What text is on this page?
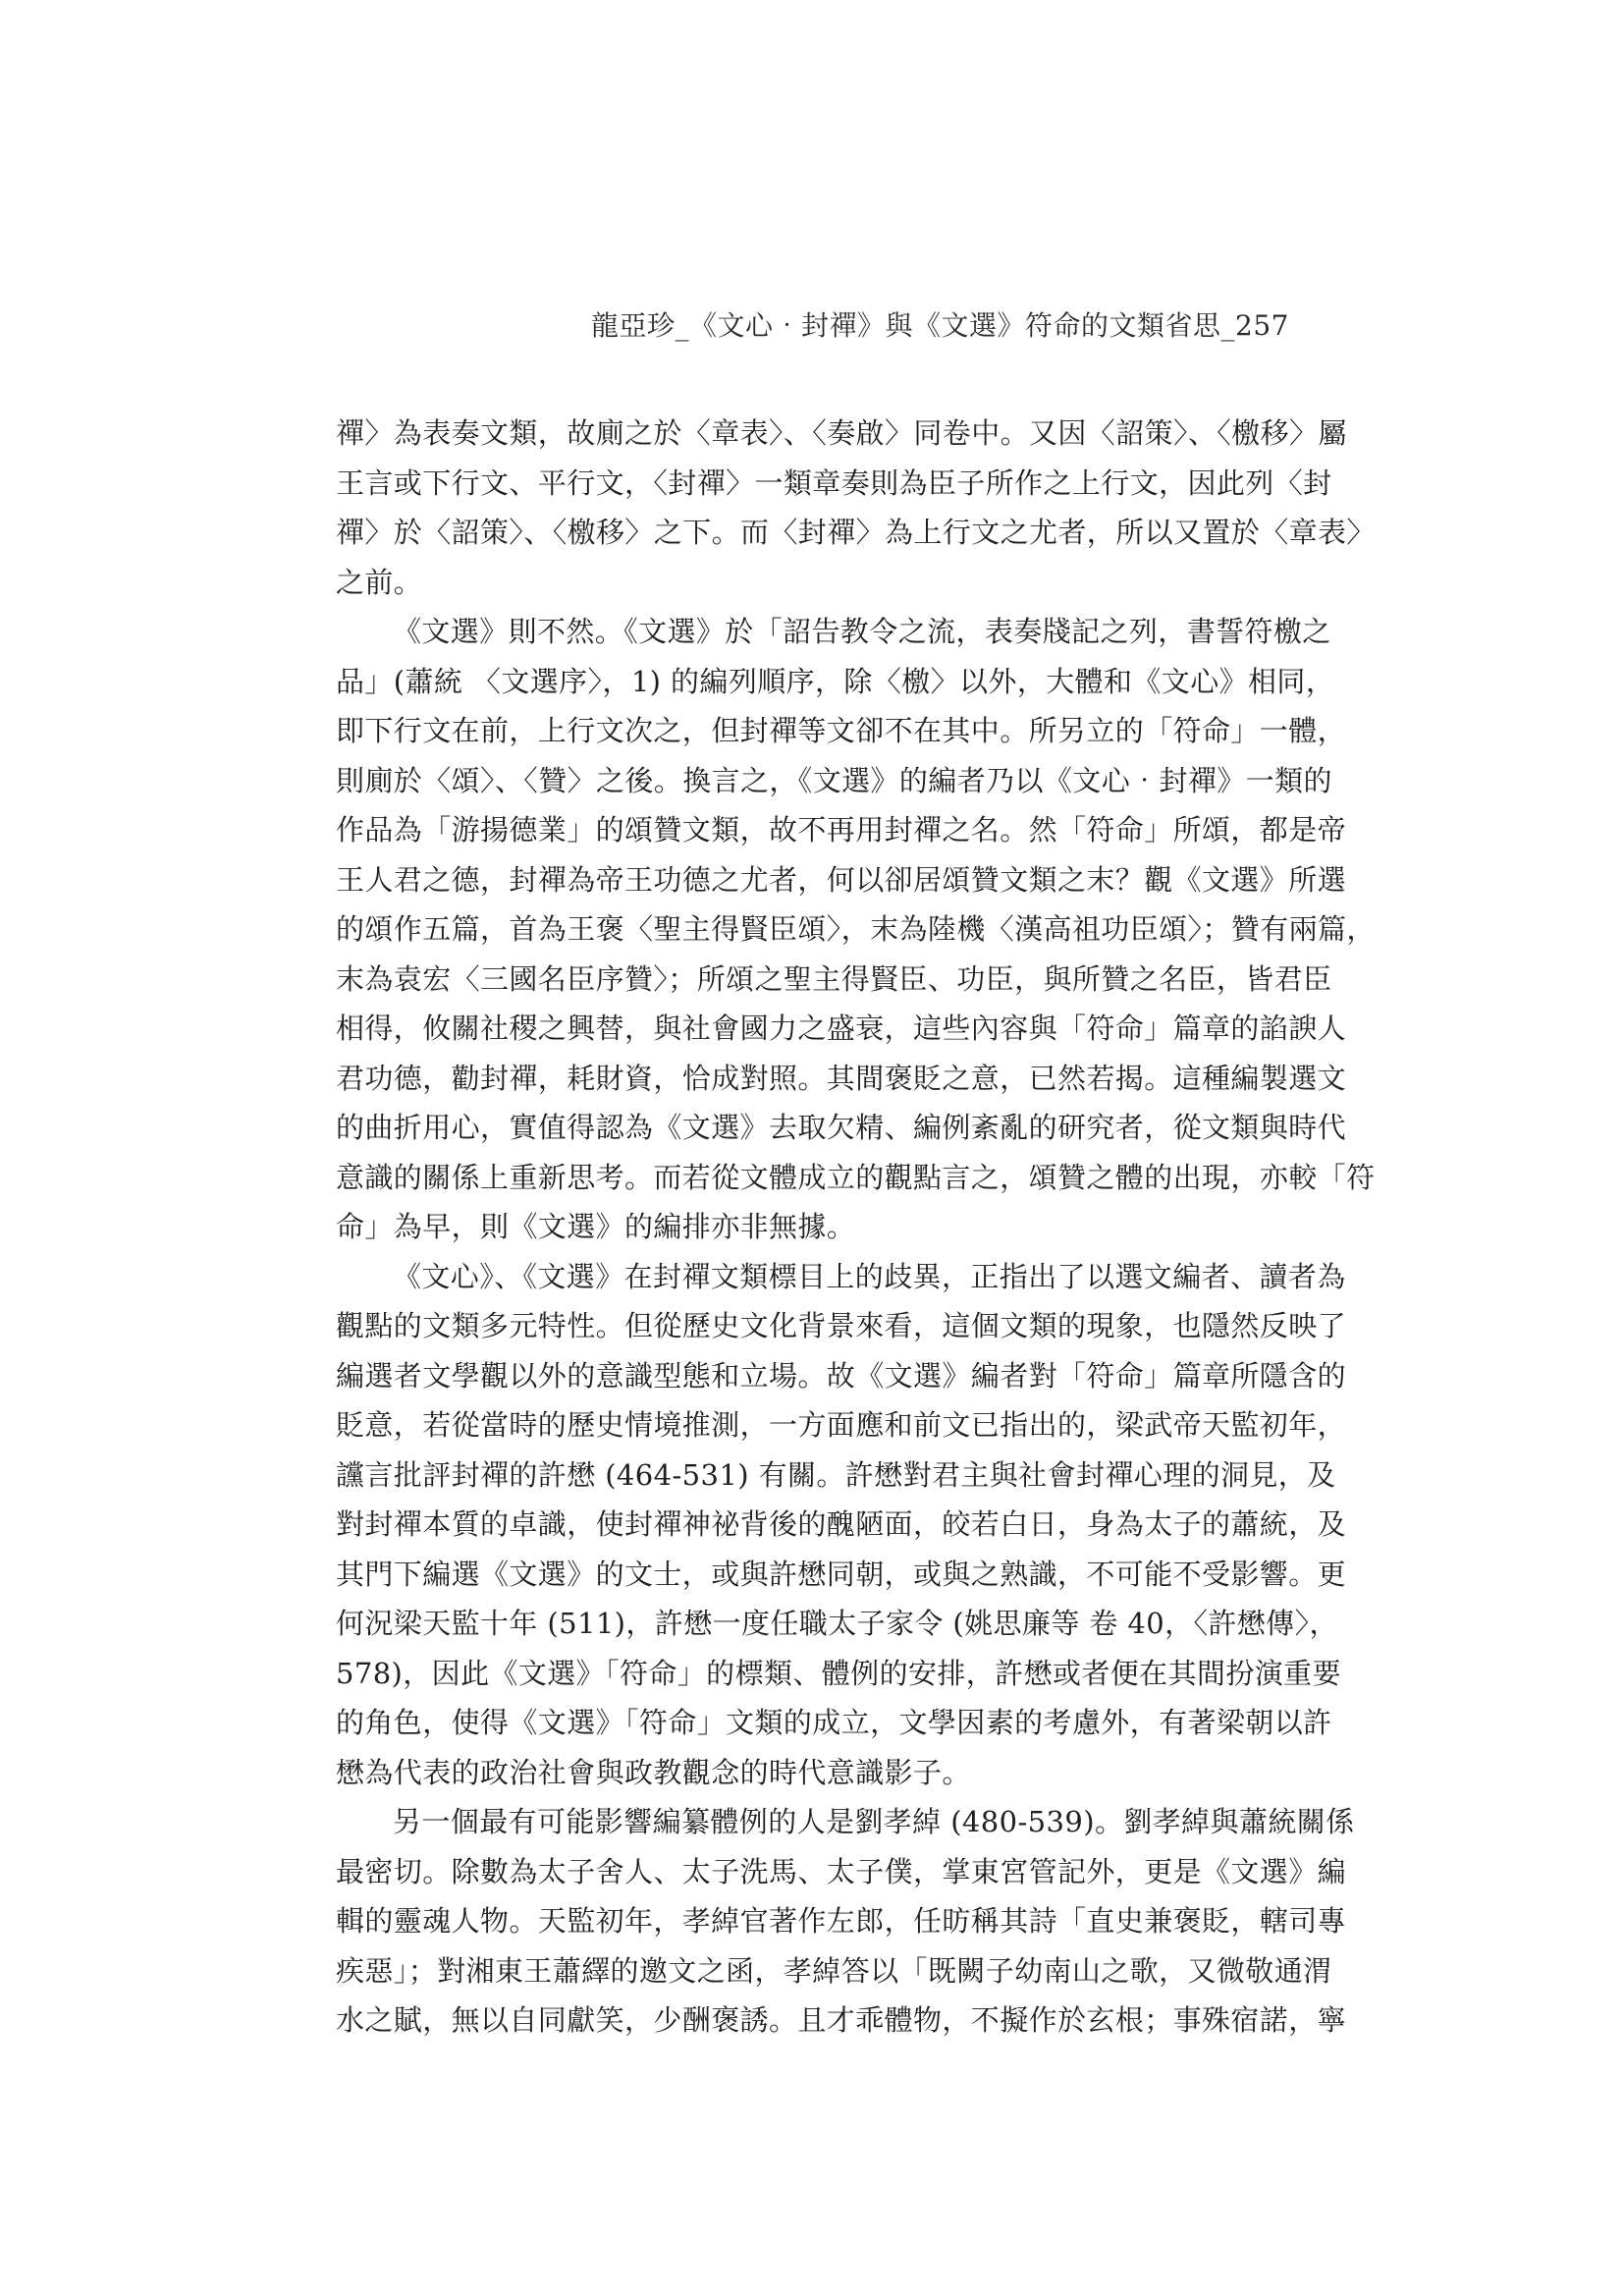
龍亞珍_《文心‧封禪》與《文選》符命的文類省思_257
禪〉為表奏文類，故廁之於〈章表〉、〈奏啟〉同卷中。又因〈詔策〉、〈檄移〉屬
王言或下行文、平行文，〈封禪〉一類章奏則為臣子所作之上行文，因此列〈封
禪〉於〈詔策〉、〈檄移〉之下。而〈封禪〉為上行文之尤者，所以又置於〈章表〉
之前。
《文選》則不然。《文選》於「詔告教令之流，表奏牋記之列，書誓符檄之
品」(蕭統 〈文選序〉，1) 的編列順序，除〈檄〉以外，大體和《文心》相同，
即下行文在前，上行文次之，但封禪等文卻不在其中。所另立的「符命」一體，
則廁於〈頌〉、〈贊〉之後。換言之，《文選》的編者乃以《文心‧封禪》一類的
作品為「游揚德業」的頌贊文類，故不再用封禪之名。然「符命」所頌，都是帝
王人君之德，封禪為帝王功德之尤者，何以卻居頌贊文類之末？觀《文選》所選
的頌作五篇，首為王褒〈聖主得賢臣頌〉，末為陸機〈漢高祖功臣頌〉；贊有兩篇，
末為袁宏〈三國名臣序贊〉；所頌之聖主得賢臣、功臣，與所贊之名臣，皆君臣
相得，攸關社稷之興替，與社會國力之盛衰，這些內容與「符命」篇章的諂諛人
君功德，勸封禪，耗財資，恰成對照。其間褒貶之意，已然若揭。這種編製選文
的曲折用心，實值得認為《文選》去取欠精、編例紊亂的研究者，從文類與時代
意識的關係上重新思考。而若從文體成立的觀點言之，頌贊之體的出現，亦較「符
命」為早，則《文選》的編排亦非無據。
《文心》、《文選》在封禪文類標目上的歧異，正指出了以選文編者、讀者為
觀點的文類多元特性。但從歷史文化背景來看，這個文類的現象，也隱然反映了
編選者文學觀以外的意識型態和立場。故《文選》編者對「符命」篇章所隱含的
貶意，若從當時的歷史情境推測，一方面應和前文已指出的，梁武帝天監初年，
讜言批評封禪的許懋 (464-531) 有關。許懋對君主與社會封禪心理的洞見，及
對封禪本質的卓識，使封禪神祕背後的醜陋面，皎若白日，身為太子的蕭統，及
其門下編選《文選》的文士，或與許懋同朝，或與之熟識，不可能不受影響。更
何況梁天監十年 (511)，許懋一度任職太子家令 (姚思廉等 卷 40，〈許懋傳〉，
578)，因此《文選》「符命」的標類、體例的安排，許懋或者便在其間扮演重要
的角色，使得《文選》「符命」文類的成立，文學因素的考慮外，有著梁朝以許
懋為代表的政治社會與政教觀念的時代意識影子。
另一個最有可能影響編纂體例的人是劉孝綽 (480-539)。劉孝綽與蕭統關係
最密切。除數為太子舍人、太子洗馬、太子僕，掌東宮管記外，更是《文選》編
輯的靈魂人物。天監初年，孝綽官著作左郎，任昉稱其詩「直史兼褒貶，轄司專
疾惡」；對湘東王蕭繹的邀文之函，孝綽答以「既闕子幼南山之歌，又微敬通渭
水之賦，無以自同獻笑，少酬褒誘。且才乖體物，不擬作於玄根；事殊宿諾，寧
